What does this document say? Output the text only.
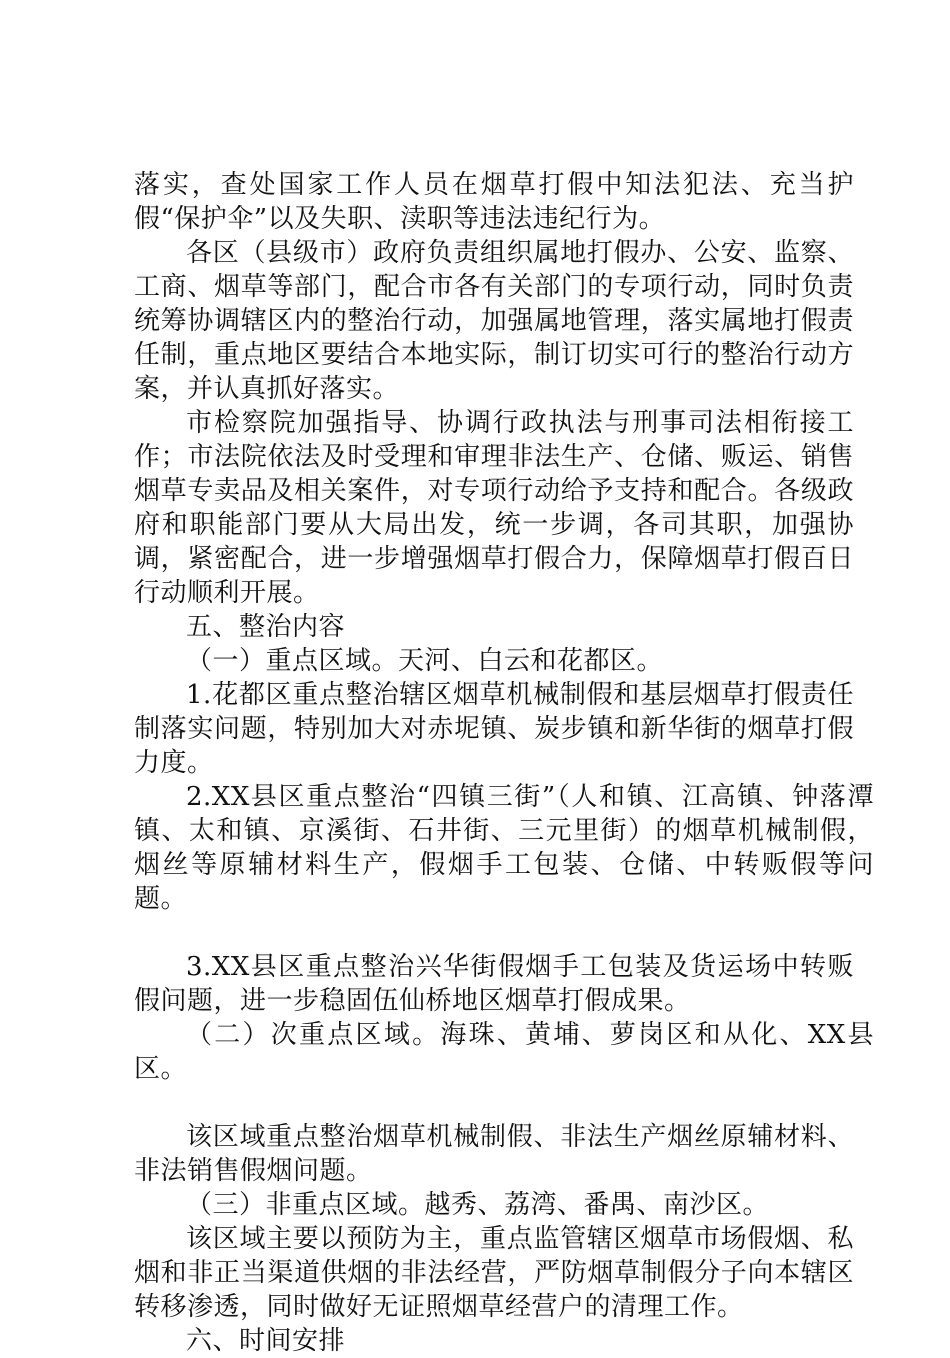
落实，查处国家工作人员在烟草打假中知法犯法、充当护假“保护伞”以及失职、渎职等违法违纪行为。

各区（县级市）政府负责组织属地打假办、公安、监察、工商、烟草等部门，配合市各有关部门的专项行动，同时负责统筹协调辖区内的整治行动，加强属地管理，落实属地打假责任制，重点地区要结合本地实际，制订切实可行的整治行动方案，并认真抓好落实。

市检察院加强指导、协调行政执法与刑事司法相衔接工作；市法院依法及时受理和审理非法生产、仓储、贩运、销售烟草专卖品及相关案件，对专项行动给予支持和配合。各级政府和职能部门要从大局出发，统一步调，各司其职，加强协调，紧密配合，进一步增强烟草打假合力，保障烟草打假百日行动顺利开展。

五、整治内容

（一）重点区域。天河、白云和花都区。

1.花都区重点整治辖区烟草机械制假和基层烟草打假责任制落实问题，特别加大对赤坭镇、炭步镇和新华街的烟草打假力度。

2.XX县区重点整治“四镇三街”（人和镇、江高镇、钟落潭镇、太和镇、京溪街、石井街、三元里街）的烟草机械制假，烟丝等原辅材料生产，假烟手工包装、仓储、中转贩假等问题。

3.XX县区重点整治兴华街假烟手工包装及货运场中转贩假问题，进一步稳固伍仙桥地区烟草打假成果。

（二）次重点区域。海珠、黄埔、萝岗区和从化、XX县区。

该区域重点整治烟草机械制假、非法生产烟丝原辅材料、非法销售假烟问题。

（三）非重点区域。越秀、荔湾、番禺、南沙区。

该区域主要以预防为主，重点监管辖区烟草市场假烟、私烟和非正当渠道供烟的非法经营，严防烟草制假分子向本辖区转移渗透，同时做好无证照烟草经营户的清理工作。

六、时间安排
